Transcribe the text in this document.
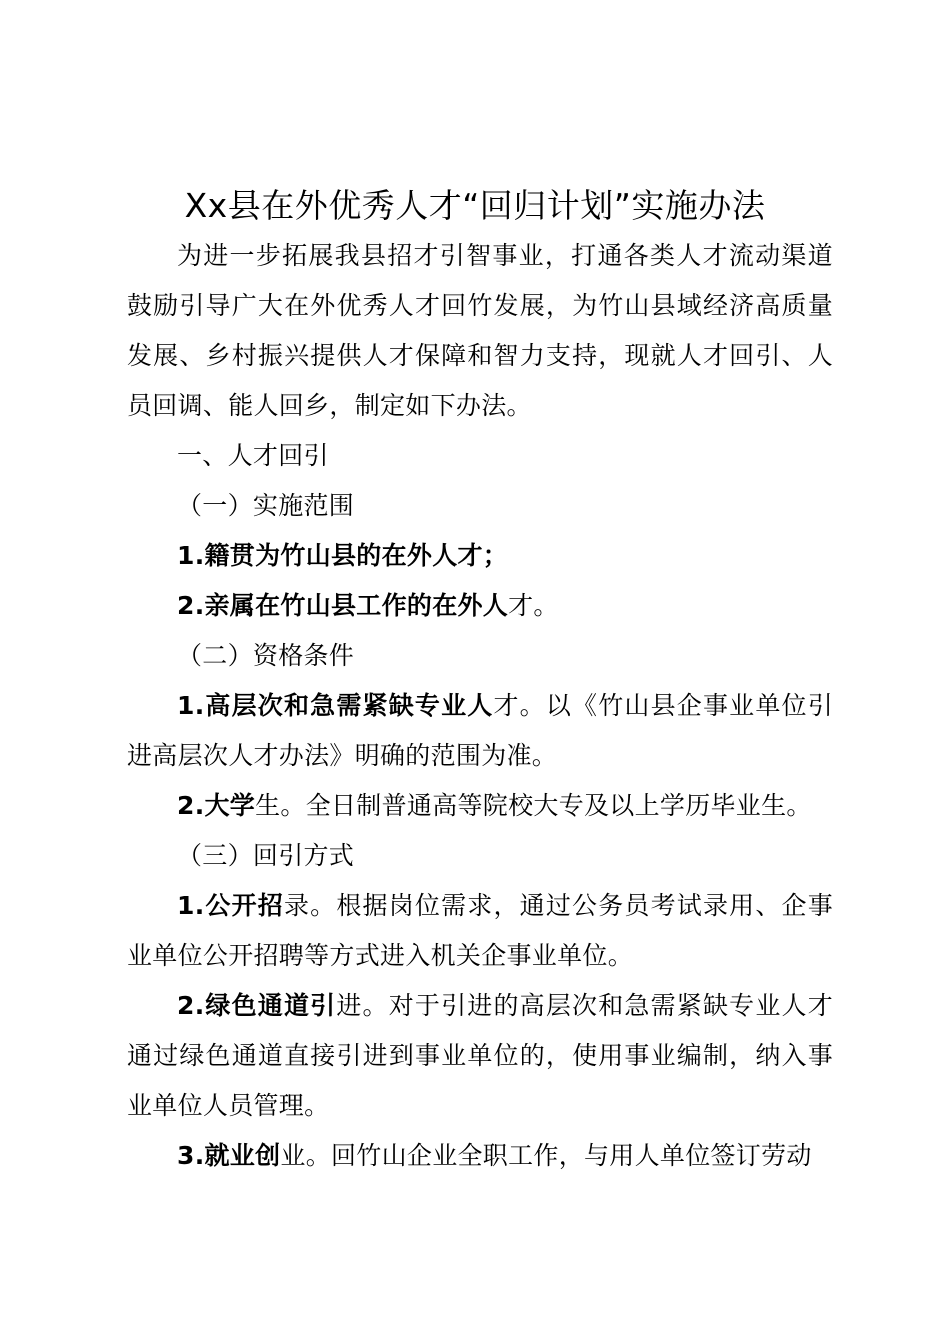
Xx县在外优秀人才“回归计划”实施办法

为进一步拓展我县招才引智事业，打通各类人才流动渠道鼓励引导广大在外优秀人才回竹发展，为竹山县域经济高质量发展、乡村振兴提供人才保障和智力支持，现就人才回引、人员回调、能人回乡，制定如下办法。

一、人才回引

（一）实施范围

1.籍贯为竹山县的在外人才；

2.亲属在竹山县工作的在外人才。

（二）资格条件

1.高层次和急需紧缺专业人才。以《竹山县企事业单位引进高层次人才办法》明确的范围为准。

2.大学生。全日制普通高等院校大专及以上学历毕业生。

（三）回引方式

1.公开招录。根据岗位需求，通过公务员考试录用、企事业单位公开招聘等方式进入机关企事业单位。

2.绿色通道引进。对于引进的高层次和急需紧缺专业人才通过绿色通道直接引进到事业单位的，使用事业编制，纳入事业单位人员管理。

3.就业创业。回竹山企业全职工作，与用人单位签订劳动
